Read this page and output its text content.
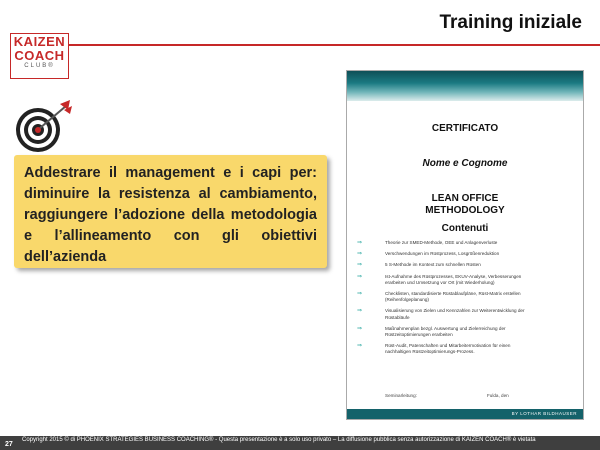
KAIZEN
COACH
CLUB®
Training iniziale

Addestrare il management e i capi per: diminuire la resistenza al cambiamento, raggiungere l’adozione della metodologia e l’allineamento con gli obiettivi dell’azienda

CERTIFICATO
Nome e Cognome
LEAN OFFICE
METHODOLOGY
Contenuti
⇒	Theorie zur SMED-Methode, OEE und Anlagenverluste
⇒	Verschwendungen im Rüstprozess, Losgrößenreduktion
⇒	5 S-Methode im Kontext zum schnellen Rüsten
⇒	Ist-Aufnahme des Rüstprozesses, EKUV-Analyse, Verbesserungen erarbeiten und Umsetzung vor Ort (mit Wiederholung)
⇒	Checklisten, standardisierte Rüstablaufpläne, Rüst-Matrix erstellen (Reihenfolgeplanung)
⇒	Visualisierung von Zielen und Kennzahlen zur Weiterentwicklung der Rüstabläufe
⇒	Maßnahmenplan bezgl. Auswertung und Zielerreichung der Rüstzeitoptimierungen erarbeiten
⇒	Rüst-Audit, Patenschaften und Mitarbeitermotivation für einen nachhaltigen Rüstzeitoptimierungs-Prozess.
Seminarleitung:	Fulda, den
BY LOTHAR BILDHAUSER
27
Copyright 2015 © di PHOENIX STRATEGIES BUSINESS COACHING® - Questa presentazione è a solo uso privato – La diffusione pubblica senza autorizzazione di KAIZEN COACH® è vietata
